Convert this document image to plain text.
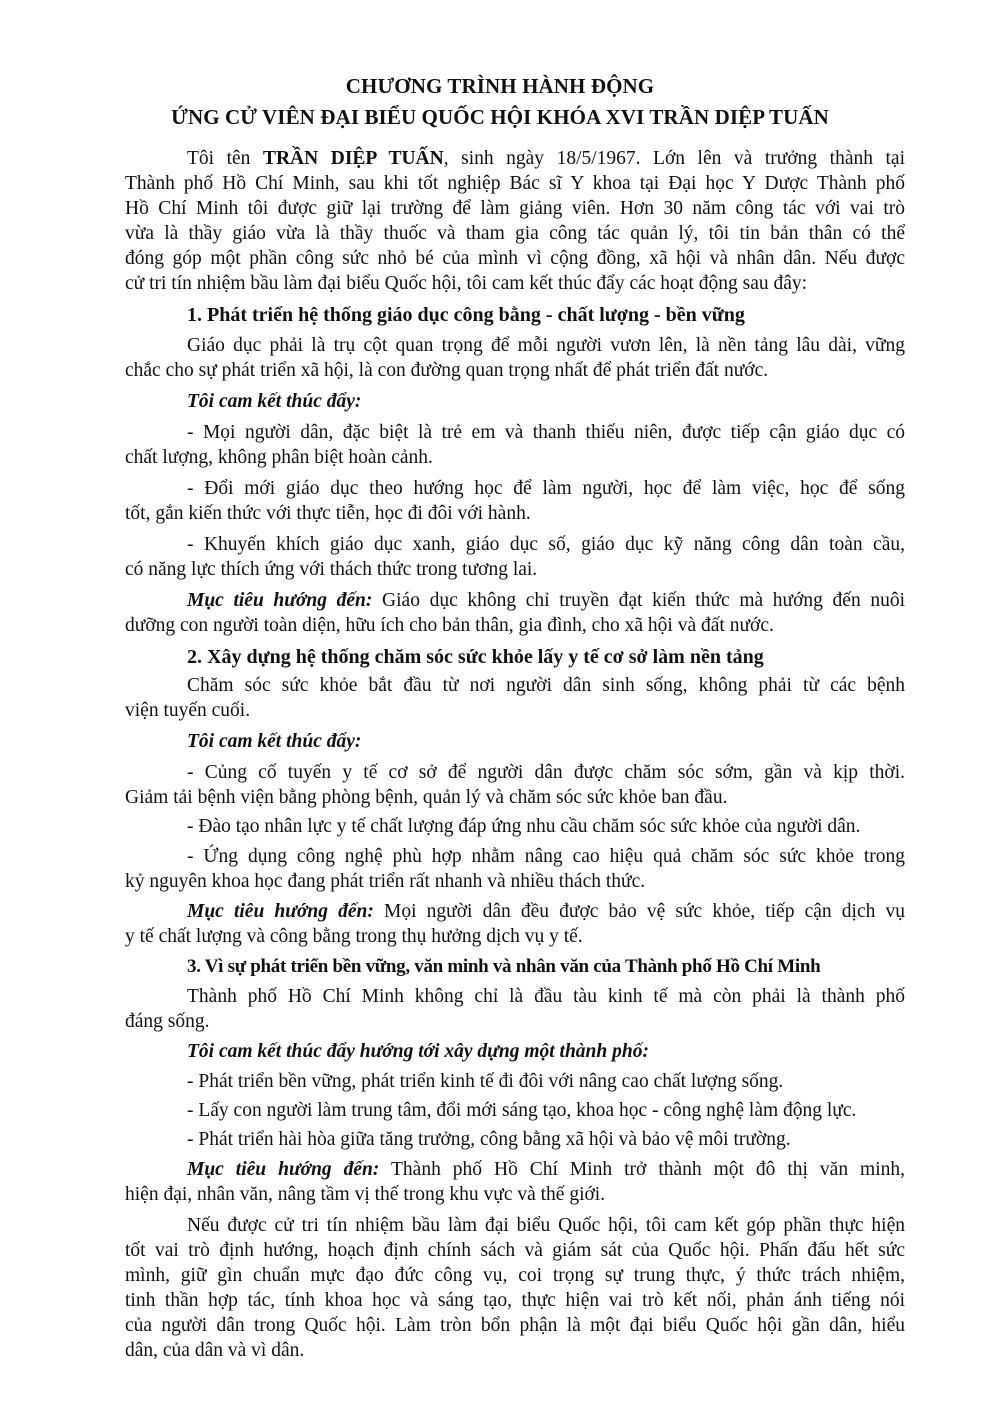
CHƯƠNG TRÌNH HÀNH ĐỘNG
ỨNG CỬ VIÊN ĐẠI BIỂU QUỐC HỘI KHÓA XVI TRẦN DIỆP TUẤN
Tôi tên TRẦN DIỆP TUẤN, sinh ngày 18/5/1967. Lớn lên và trưởng thành tại
Thành phố Hồ Chí Minh, sau khi tốt nghiệp Bác sĩ Y khoa tại Đại học Y Dược Thành phố
Hồ Chí Minh tôi được giữ lại trường để làm giảng viên. Hơn 30 năm công tác với vai trò
vừa là thầy giáo vừa là thầy thuốc và tham gia công tác quản lý, tôi tin bản thân có thể
đóng góp một phần công sức nhỏ bé của mình vì cộng đồng, xã hội và nhân dân. Nếu được
cử tri tín nhiệm bầu làm đại biểu Quốc hội, tôi cam kết thúc đẩy các hoạt động sau đây:
1. Phát triển hệ thống giáo dục công bằng - chất lượng - bền vững
Giáo dục phải là trụ cột quan trọng để mỗi người vươn lên, là nền tảng lâu dài, vững
chắc cho sự phát triển xã hội, là con đường quan trọng nhất để phát triển đất nước.
Tôi cam kết thúc đẩy:
- Mọi người dân, đặc biệt là trẻ em và thanh thiếu niên, được tiếp cận giáo dục có
chất lượng, không phân biệt hoàn cảnh.
- Đổi mới giáo dục theo hướng học để làm người, học để làm việc, học để sống
tốt, gắn kiến thức với thực tiễn, học đi đôi với hành.
- Khuyến khích giáo dục xanh, giáo dục số, giáo dục kỹ năng công dân toàn cầu,
có năng lực thích ứng với thách thức trong tương lai.
Mục tiêu hướng đến: Giáo dục không chỉ truyền đạt kiến thức mà hướng đến nuôi
dưỡng con người toàn diện, hữu ích cho bản thân, gia đình, cho xã hội và đất nước.
2. Xây dựng hệ thống chăm sóc sức khỏe lấy y tế cơ sở làm nền tảng
Chăm sóc sức khỏe bắt đầu từ nơi người dân sinh sống, không phải từ các bệnh
viện tuyến cuối.
Tôi cam kết thúc đẩy:
- Củng cố tuyến y tế cơ sở để người dân được chăm sóc sớm, gần và kịp thời.
Giảm tải bệnh viện bằng phòng bệnh, quản lý và chăm sóc sức khỏe ban đầu.
- Đào tạo nhân lực y tế chất lượng đáp ứng nhu cầu chăm sóc sức khỏe của người dân.
- Ứng dụng công nghệ phù hợp nhằm nâng cao hiệu quả chăm sóc sức khỏe trong
kỷ nguyên khoa học đang phát triển rất nhanh và nhiều thách thức.
Mục tiêu hướng đến: Mọi người dân đều được bảo vệ sức khỏe, tiếp cận dịch vụ
y tế chất lượng và công bằng trong thụ hưởng dịch vụ y tế.
3. Vì sự phát triển bền vững, văn minh và nhân văn của Thành phố Hồ Chí Minh
Thành phố Hồ Chí Minh không chỉ là đầu tàu kinh tế mà còn phải là thành phố
đáng sống.
Tôi cam kết thúc đẩy hướng tới xây dựng một thành phố:
- Phát triển bền vững, phát triển kinh tế đi đôi với nâng cao chất lượng sống.
- Lấy con người làm trung tâm, đổi mới sáng tạo, khoa học - công nghệ làm động lực.
- Phát triển hài hòa giữa tăng trưởng, công bằng xã hội và bảo vệ môi trường.
Mục tiêu hướng đến: Thành phố Hồ Chí Minh trở thành một đô thị văn minh,
hiện đại, nhân văn, nâng tầm vị thế trong khu vực và thế giới.
Nếu được cử tri tín nhiệm bầu làm đại biểu Quốc hội, tôi cam kết góp phần thực hiện
tốt vai trò định hướng, hoạch định chính sách và giám sát của Quốc hội. Phấn đấu hết sức
mình, giữ gìn chuẩn mực đạo đức công vụ, coi trọng sự trung thực, ý thức trách nhiệm,
tinh thần hợp tác, tính khoa học và sáng tạo, thực hiện vai trò kết nối, phản ánh tiếng nói
của người dân trong Quốc hội. Làm tròn bổn phận là một đại biểu Quốc hội gần dân, hiểu
dân, của dân và vì dân.
